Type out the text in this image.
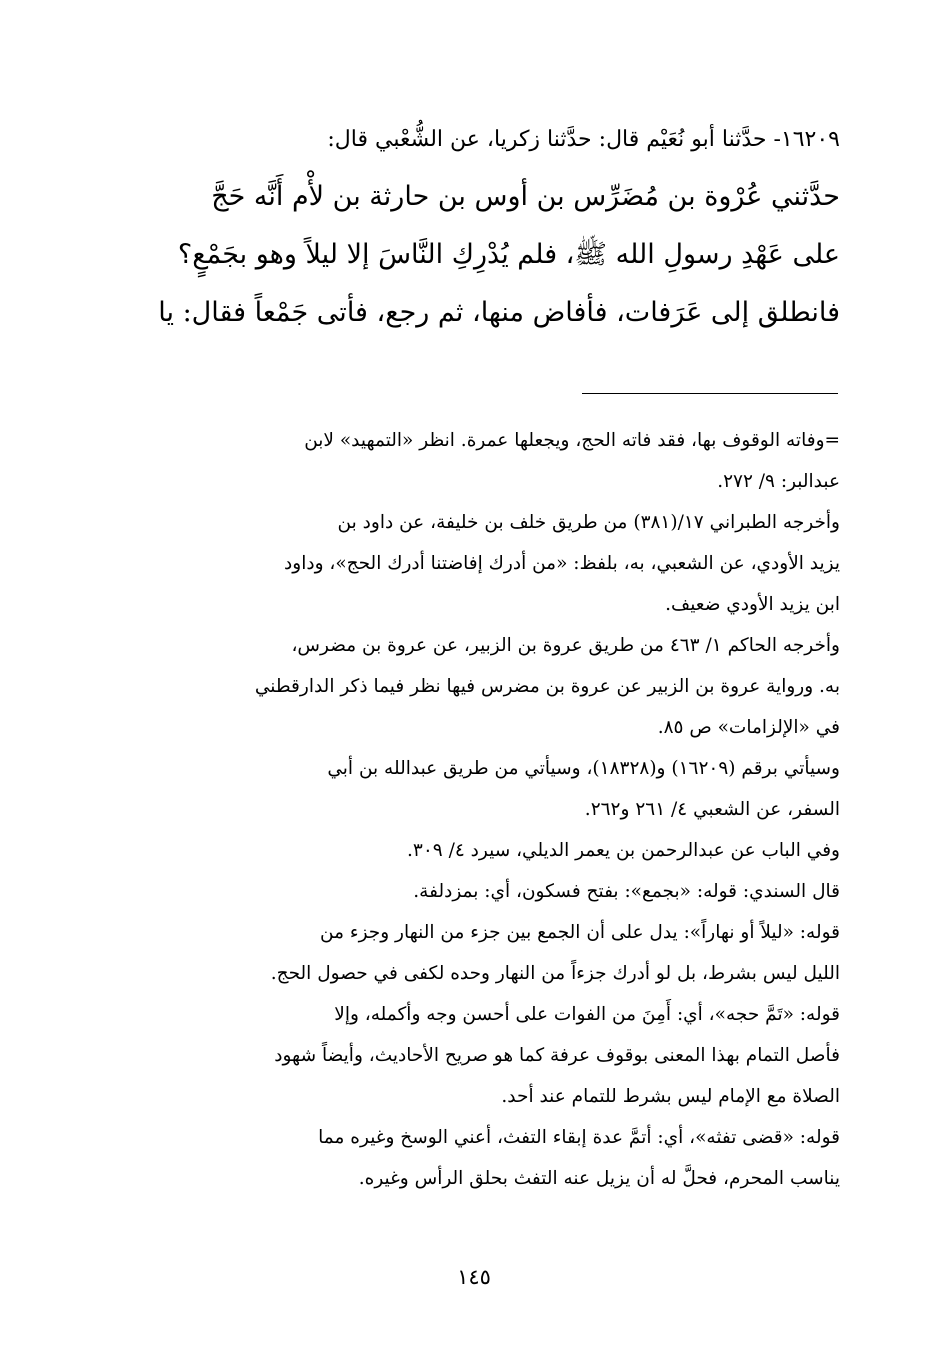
١٦٢٠٩- حدَّثنا أبو نُعَيْم قال: حدَّثنا زكريا، عن الشُّعْبي قال:
حدَّثني عُرْوة بن مُضَرِّس بن أوس بن حارثة بن لأْم أَنَّه حَجَّ
على عَهْدِ رسولِ الله ﷺ، فلم يُدْرِكِ النَّاسَ إلا ليلاً وهو بجَمْعٍ؟
فانطلق إلى عَرَفات، فأفاض منها، ثم رجع، فأتى جَمْعاً فقال: يا
=وفاته الوقوف بها، فقد فاته الحج، ويجعلها عمرة. انظر «التمهيد» لابن
عبدالبر: ٩/ ٢٧٢.
وأخرجه الطبراني ١٧/(٣٨١) من طريق خلف بن خليفة، عن داود بن
يزيد الأودي، عن الشعبي، به، بلفظ: «من أدرك إفاضتنا أدرك الحج»، وداود
ابن يزيد الأودي ضعيف.
وأخرجه الحاكم ١/ ٤٦٣ من طريق عروة بن الزبير، عن عروة بن مضرس،
به. ورواية عروة بن الزبير عن عروة بن مضرس فيها نظر فيما ذكر الدارقطني
في «الإلزامات» ص ٨٥.
وسيأتي برقم (١٦٢٠٩) و(١٨٣٢٨)، وسيأتي من طريق عبدالله بن أبي
السفر، عن الشعبي ٤/ ٢٦١ و٢٦٢.
وفي الباب عن عبدالرحمن بن يعمر الديلي، سيرد ٤/ ٣٠٩.
قال السندي: قوله: «بجمع»: بفتح فسكون، أي: بمزدلفة.
قوله: «ليلاً أو نهاراً»: يدل على أن الجمع بين جزء من النهار وجزء من
الليل ليس بشرط، بل لو أدرك جزءاً من النهار وحده لكفى في حصول الحج.
قوله: «تَمَّ حجه»، أي: أَمِنَ من الفوات على أحسن وجه وأكمله، وإلا
فأصل التمام بهذا المعنى بوقوف عرفة كما هو صريح الأحاديث، وأيضاً شهود
الصلاة مع الإمام ليس بشرط للتمام عند أحد.
قوله: «قضى تفثه»، أي: أتمَّ عدة إبقاء التفث، أعني الوسخ وغيره مما
يناسب المحرم، فحلَّ له أن يزيل عنه التفث بحلق الرأس وغيره.
١٤٥
